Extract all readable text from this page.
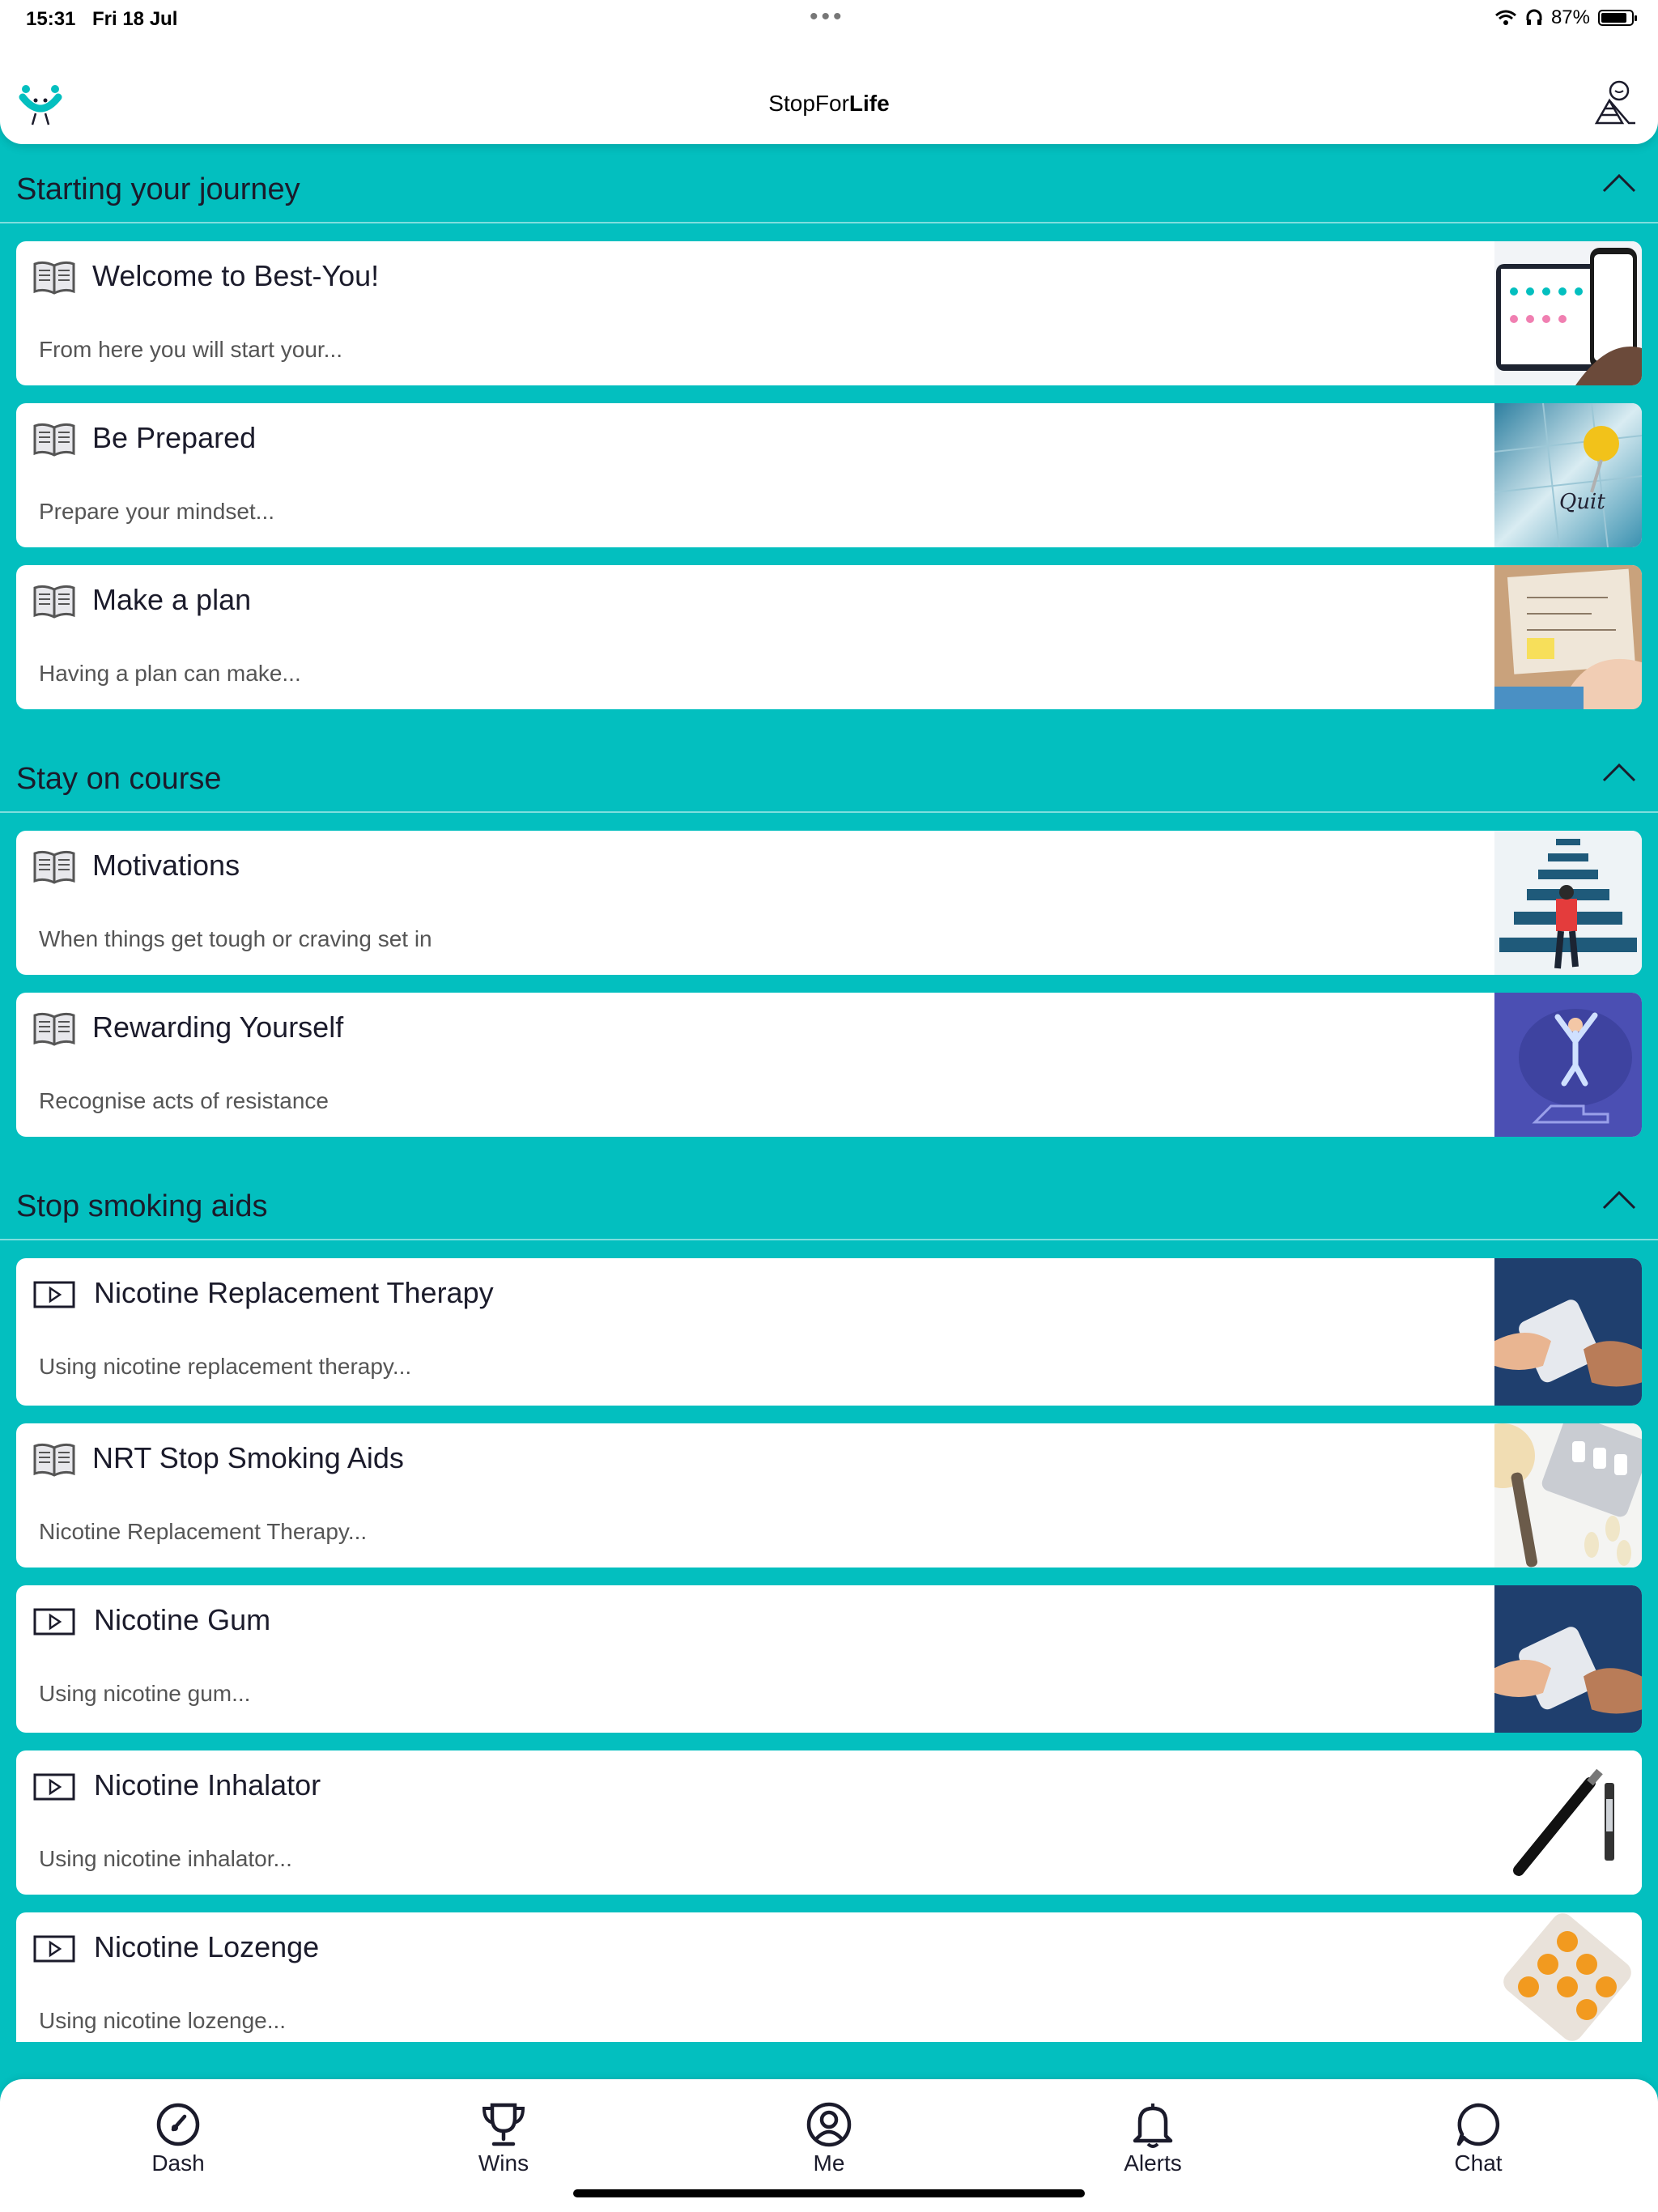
15:31 Fri 18 Jul	•••	87%
StopForLife
Starting your journey
Welcome to Best-You!
From here you will start your...
Be Prepared
Prepare your mindset...	Quit
Make a plan
Having a plan can make...
Stay on course
Motivations
When things get tough or craving set in
Rewarding Yourself
Recognise acts of resistance
Stop smoking aids
Nicotine Replacement Therapy
Using nicotine replacement therapy...
NRT Stop Smoking Aids
Nicotine Replacement Therapy...
Nicotine Gum
Using nicotine gum...
Nicotine Inhalator
Using nicotine inhalator...
Nicotine Lozenge
Using nicotine lozenge...
Dash	Wins	Me	Alerts	Chat
